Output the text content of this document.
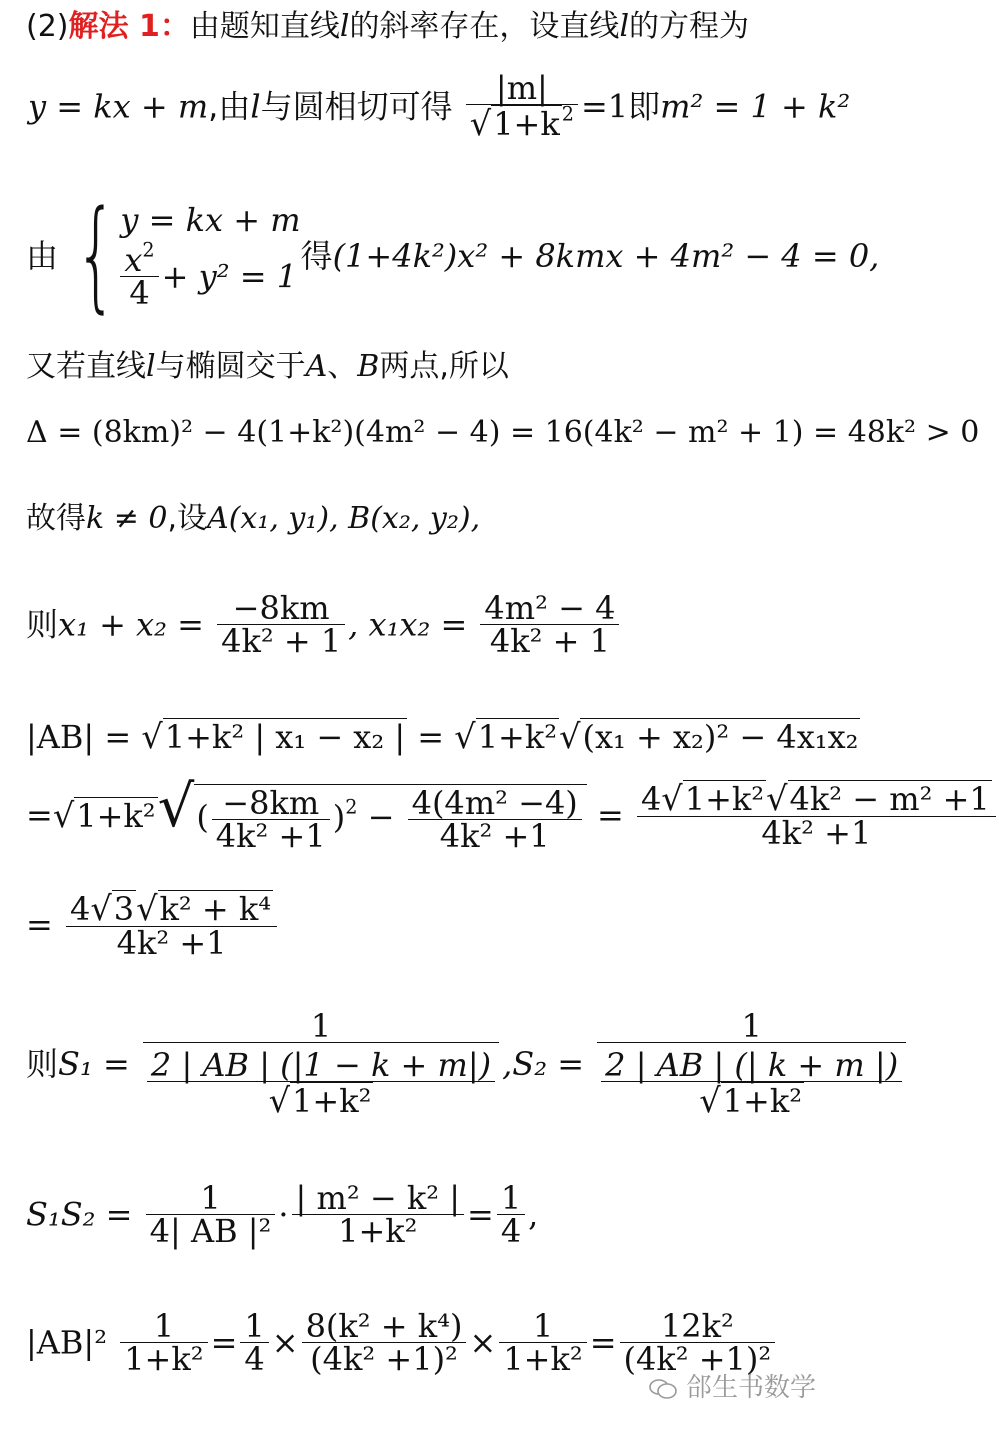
(2)解法 1：由题知直线l的斜率存在，设直线l的方程为
y = kx + m,由l与圆相切可得 $\frac{|m|}{√1+k ^2} =1$即m² = 1 + k²
由 { y = kx + m
$\frac{x^2}{4} + y^2 = 1$
得(1+4k²)x² + 8kmx + 4m² − 4 = 0,
又若直线l与椭圆交于A、B两点,所以
Δ = (8km)² − 4(1+k²)(4m² − 4) = 16(4k² − m² + 1) = 48k² > 0
故得k ≠ 0,设A(x₁, y₁), B(x₂, y₂),
则$x_1 + x_2 = \frac{-8km}{\text{4k² + 1}}$ , $x_1x_2 = \frac{\text{4m² − 4}}{\text{4k² + 1}}$
|AB| = √1+k² | x₁ − x₂ | = √1+k²√(x₁ + x₂)² − 4x₁x₂
$=√1+k^2√( \frac{-8km}{\text{4k² +1}} )^2 - \frac{\text{4(4m² −4)}}{\text{4k² +1}} = \frac{\text{4√1+k²√4k² − m² +1}}{\text{4k² +1}}$
= $\frac{\text{4√3√k² + k⁴}}{\text{4k² +1}}$
则$S_1 = \frac{1}{\frac{2 | AB | (|1 - k + m|)}{\text{√1+k²}}} ,S_2 = \frac{1}{\frac{2 | AB | (| k + m |)}{\text{√1+k²}}}$
$S_1S_2 = \frac{1}{\text{4| AB |²}} \cdot \frac{\text{| m² − k² |}}{\text{1+k²}} = \frac{1}{4}$ ,
$|AB|^2 \frac{1}{\text{1+k²}} = \frac{1}{4} \times \frac{\text{8(k² + k⁴)}}{\text{(4k² +1)²}} \times \frac{1}{\text{1+k²}} = \frac{\text{12k²}}{\text{(4k² +1)²}}$
郃生书数学
